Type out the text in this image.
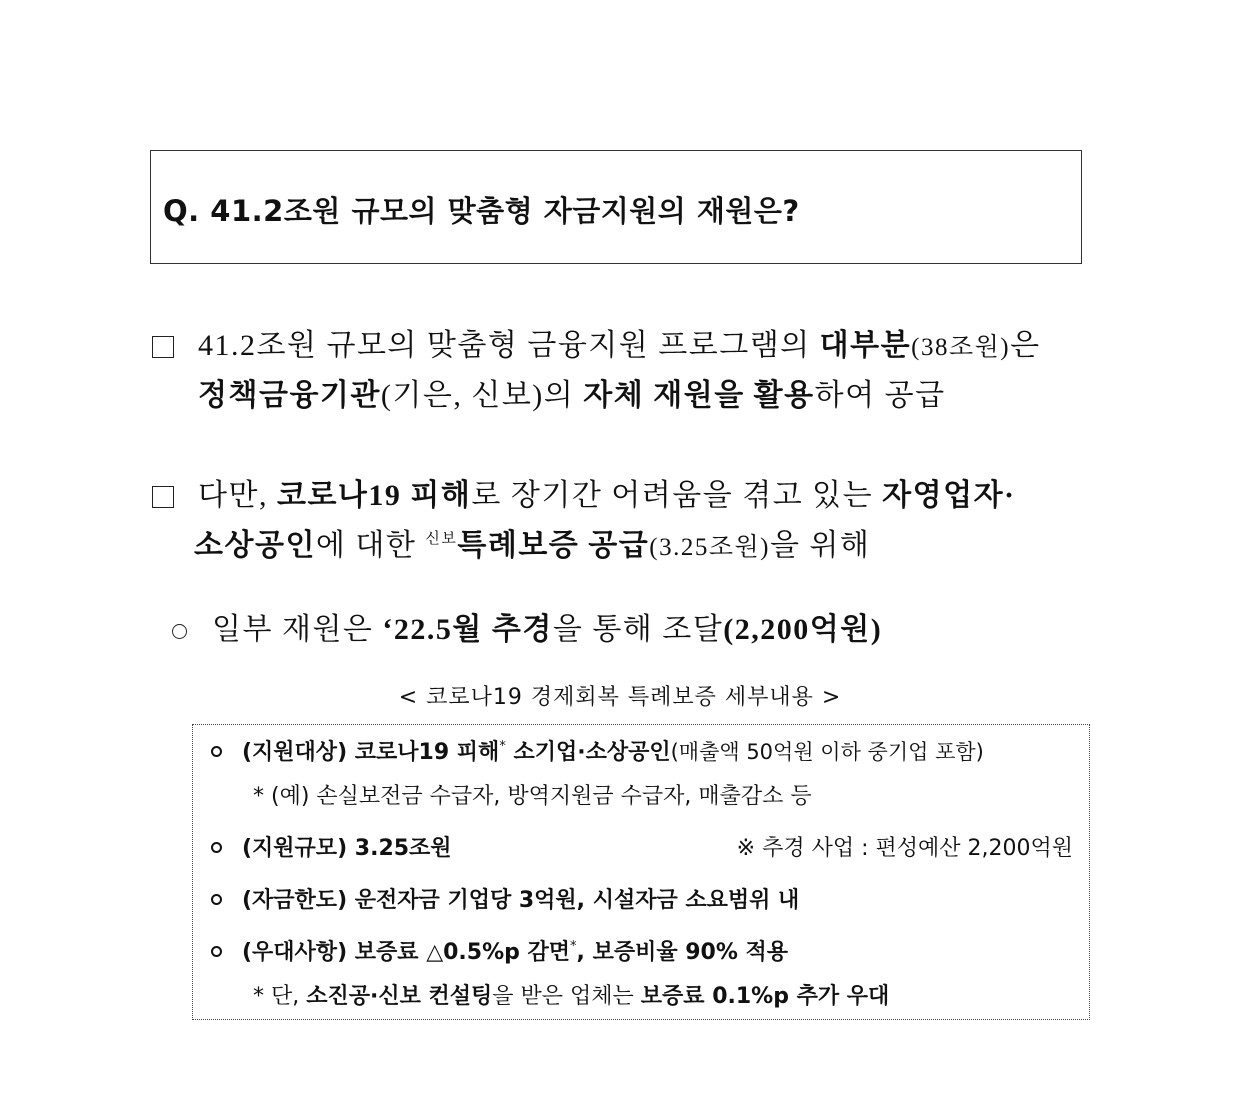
Q. 41.2조원 규모의 맞춤형 자금지원의 재원은?
41.2조원 규모의 맞춤형 금융지원 프로그램의 대부분(38조원)은
정책금융기관(기은, 신보)의 자체 재원을 활용하여 공급
다만, 코로나19 피해로 장기간 어려움을 겪고 있는 자영업자·
소상공인에 대한 $^{신보}$특례보증 공급(3.25조원)을 위해
일부 재원은 ‘22.5월 추경을 통해 조달(2,200억원)
< 코로나19 경제회복 특례보증 세부내용 >
(지원대상) 코로나19 피해* 소기업·소상공인(매출액 50억원 이하 중기업 포함)
* (예) 손실보전금 수급자, 방역지원금 수급자, 매출감소 등
(지원규모) 3.25조원	※ 추경 사업 : 편성예산 2,200억원
(자금한도) 운전자금 기업당 3억원, 시설자금 소요범위 내
(우대사항) 보증료 △0.5%p 감면*, 보증비율 90% 적용
* 단, 소진공·신보 컨설팅을 받은 업체는 보증료 0.1%p 추가 우대
